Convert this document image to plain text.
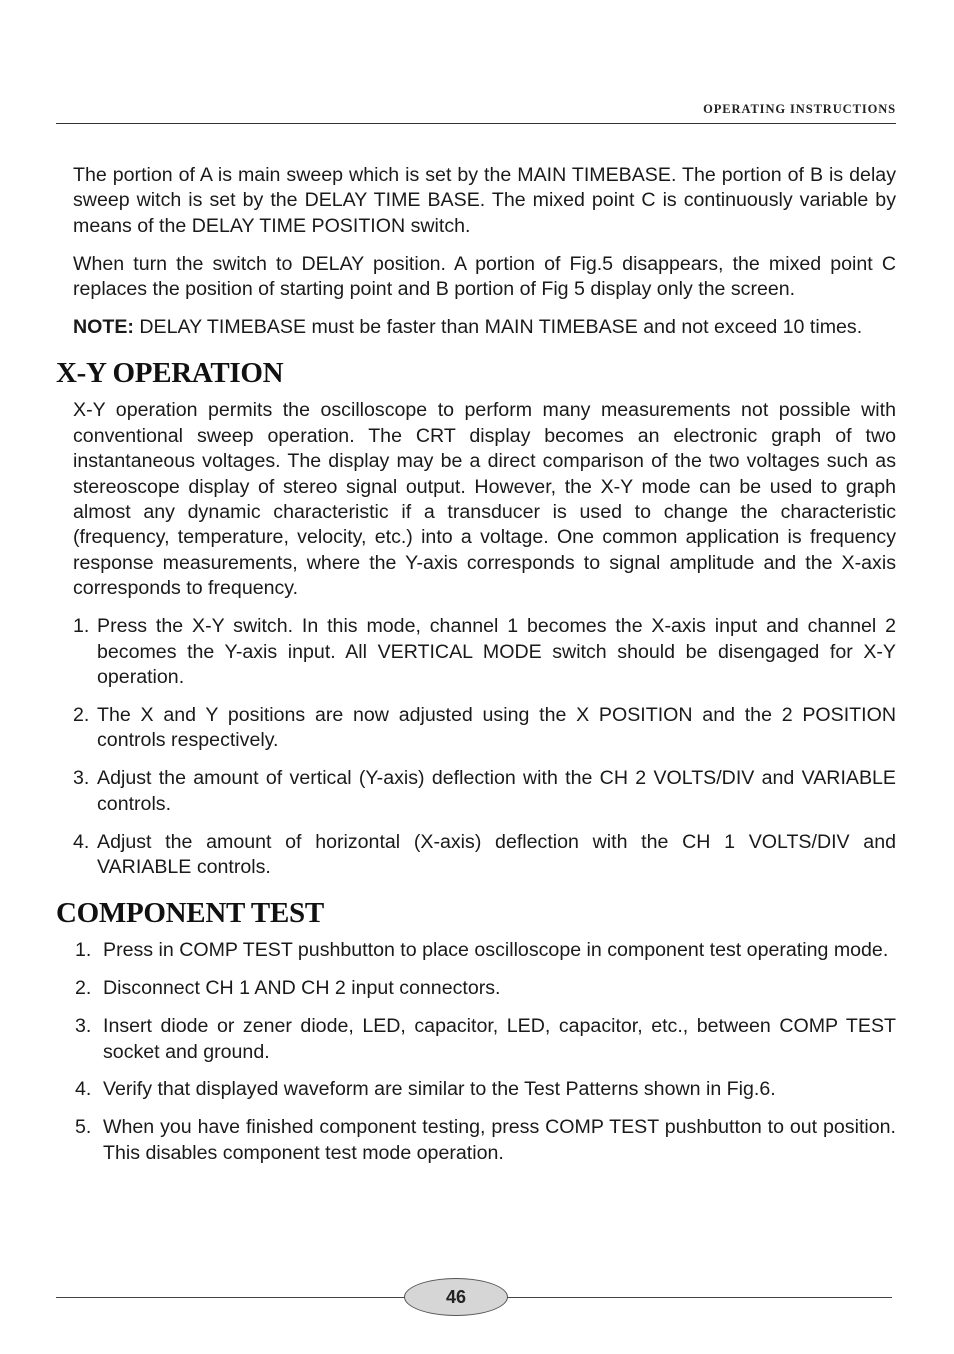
OPERATING INSTRUCTIONS

The portion of A is main sweep which is set by the MAIN TIMEBASE. The portion of B is delay sweep witch is set by the DELAY TIME BASE. The mixed point C is continuously variable by means of the DELAY TIME POSITION switch.

When turn the switch to DELAY position. A portion of Fig.5 disappears, the mixed point C replaces the position of starting point and B portion of Fig 5 display only the screen.

NOTE: DELAY TIMEBASE must be faster than MAIN TIMEBASE and not exceed 10 times.

X-Y OPERATION

X-Y operation permits the oscilloscope to perform many measurements not possible with conventional sweep operation. The CRT display becomes an electronic graph of two instantaneous voltages. The display may be a direct comparison of the two voltages such as stereoscope display of stereo signal output. However, the X-Y mode can be used to graph almost any dynamic characteristic if a transducer is used to change the characteristic (frequency, temperature, velocity, etc.) into a voltage. One common application is frequency response measurements, where the Y-axis corresponds to signal amplitude and the X-axis corresponds to frequency.

1. Press the X-Y switch. In this mode, channel 1 becomes the X-axis input and channel 2 becomes the Y-axis input. All VERTICAL MODE switch should be disengaged for X-Y operation.
2. The X and Y positions are now adjusted using the X POSITION and the 2 POSITION controls respectively.
3. Adjust the amount of vertical (Y-axis) deflection with the CH 2 VOLTS/DIV and VARIABLE controls.
4. Adjust the amount of horizontal (X-axis) deflection with the CH 1 VOLTS/DIV and VARIABLE controls.
COMPONENT TEST
1. Press in COMP TEST pushbutton to place oscilloscope in component test operating mode.
2. Disconnect CH 1 AND CH 2 input connectors.
3. Insert diode or zener diode, LED, capacitor, LED, capacitor, etc., between COMP TEST socket and ground.
4. Verify that displayed waveform are similar to the Test Patterns shown in Fig.6.
5. When you have finished component testing, press COMP TEST pushbutton to out position. This disables component test mode operation.
46
